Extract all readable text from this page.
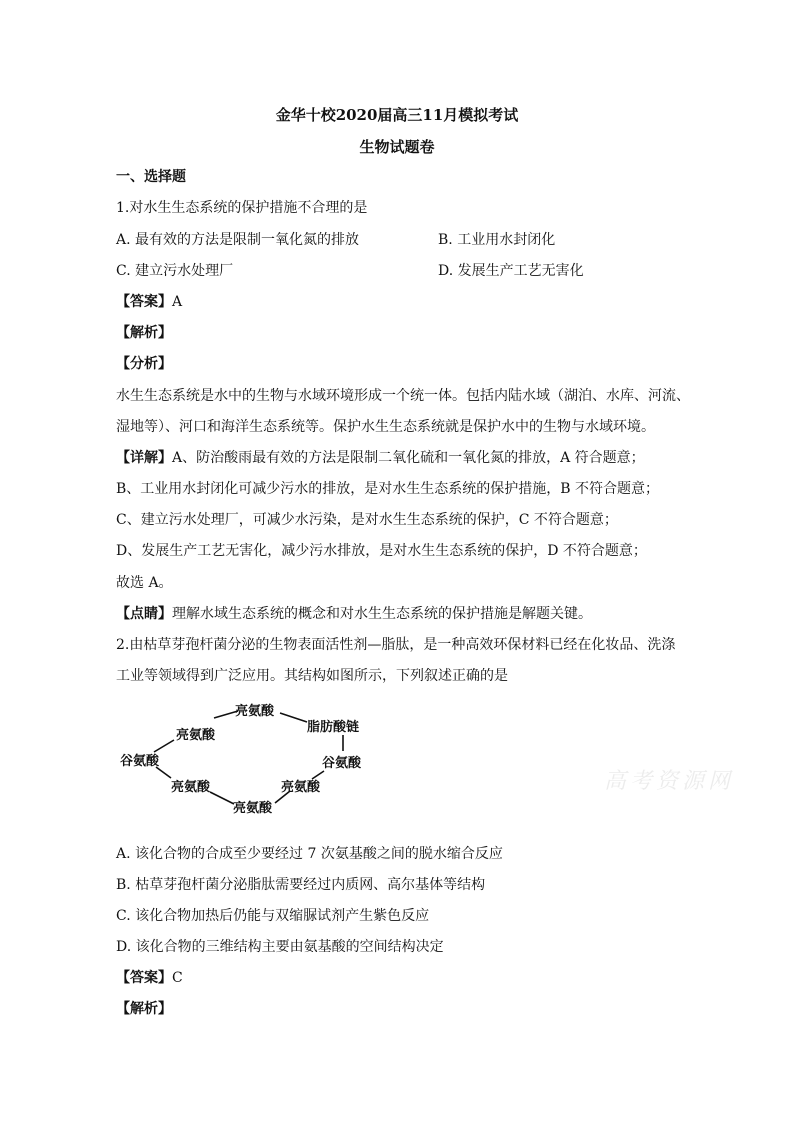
金华十校2020届高三11月模拟考试
生物试题卷
一、选择题
1.对水生生态系统的保护措施不合理的是
A. 最有效的方法是限制一氧化氮的排放	B. 工业用水封闭化
C. 建立污水处理厂	D. 发展生产工艺无害化
【答案】A
【解析】
【分析】
水生生态系统是水中的生物与水域环境形成一个统一体。包括内陆水域（湖泊、水库、河流、
湿地等）、河口和海洋生态系统等。保护水生生态系统就是保护水中的生物与水域环境。
【详解】A、防治酸雨最有效的方法是限制二氧化硫和一氧化氮的排放，A 符合题意；
B、工业用水封闭化可减少污水的排放，是对水生生态系统的保护措施，B 不符合题意；
C、建立污水处理厂，可减少水污染，是对水生生态系统的保护，C 不符合题意；
D、发展生产工艺无害化，减少污水排放，是对水生生态系统的保护，D 不符合题意；
故选 A。
【点睛】理解水域生态系统的概念和对水生生态系统的保护措施是解题关键。
2.由枯草芽孢杆菌分泌的生物表面活性剂—脂肽，是一种高效环保材料已经在化妆品、洗涤
工业等领域得到广泛应用。其结构如图所示，下列叙述正确的是
亮氨酸
脂肪酸链
亮氨酸
谷氨酸	谷氨酸
亮氨酸	亮氨酸
亮氨酸
高考资源网
A. 该化合物的合成至少要经过 7 次氨基酸之间的脱水缩合反应
B. 枯草芽孢杆菌分泌脂肽需要经过内质网、高尔基体等结构
C. 该化合物加热后仍能与双缩脲试剂产生紫色反应
D. 该化合物的三维结构主要由氨基酸的空间结构决定
【答案】C
【解析】
